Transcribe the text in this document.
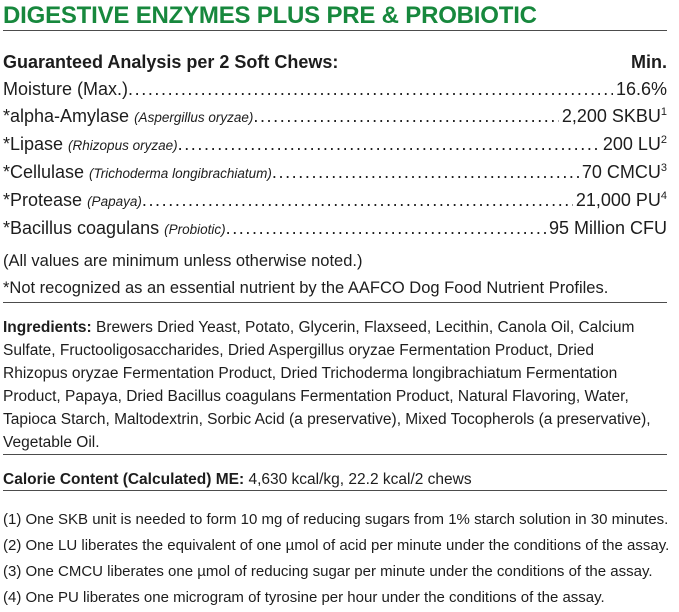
DIGESTIVE ENZYMES PLUS PRE & PROBIOTIC
Guaranteed Analysis per 2 Soft Chews:	Min.
Moisture (Max.) .....	16.6%
*alpha-Amylase (Aspergillus oryzae) .....	2,200 SKBU$^1$
*Lipase (Rhizopus oryzae) .....	200 $LU^2$
*Cellulase (Trichoderma longibrachiatum) .....	70 CMCU$^3$
*Protease (Papaya) .....	21,000 $PU^4$
*Bacillus coagulans (Probiotic) .....	95 Million CFU

(All values are minimum unless otherwise noted.)

*Not recognized as an essential nutrient by the AAFCO Dog Food Nutrient Profiles.

Ingredients: Brewers Dried Yeast, Potato, Glycerin, Flaxseed, Lecithin, Canola Oil, Calcium Sulfate, Fructooligosaccharides, Dried Aspergillus oryzae Fermentation Product, Dried Rhizopus oryzae Fermentation Product, Dried Trichoderma longibrachiatum Fermentation Product, Papaya, Dried Bacillus coagulans Fermentation Product, Natural Flavoring, Water, Tapioca Starch, Maltodextrin, Sorbic Acid (a preservative), Mixed Tocopherols (a preservative), Vegetable Oil.

Calorie Content (Calculated) ME: 4,630 kcal/kg, 22.2 kcal/2 chews

(1) One SKB unit is needed to form 10 mg of reducing sugars from 1% starch solution in 30 minutes.

(2) One LU liberates the equivalent of one µmol of acid per minute under the conditions of the assay.

(3) One CMCU liberates one µmol of reducing sugar per minute under the conditions of the assay.

(4) One PU liberates one microgram of tyrosine per hour under the conditions of the assay.
